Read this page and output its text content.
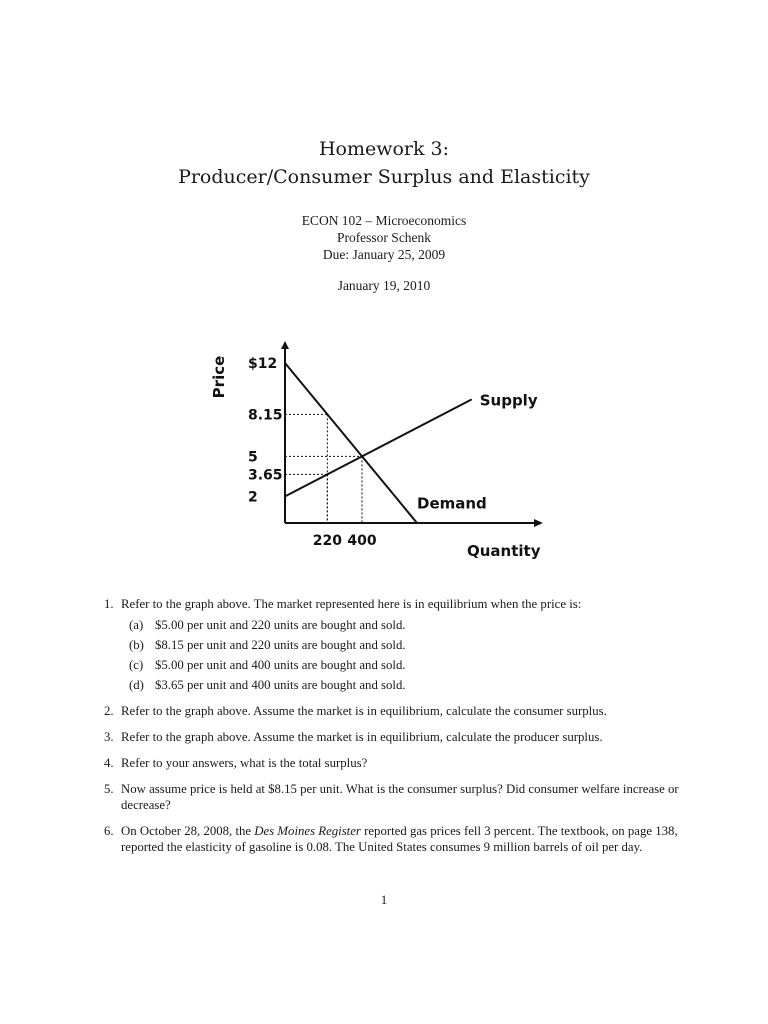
Homework 3:
Producer/Consumer Surplus and Elasticity
ECON 102 – Microeconomics
Professor Schenk
Due: January 25, 2009
January 19, 2010
Supply
Demand
$12
8.15
5
3.65
2
220 400
Quantity
Price
1. Refer to the graph above. The market represented here is in equilibrium when the price is:
(a) $5.00 per unit and 220 units are bought and sold.
(b) $8.15 per unit and 220 units are bought and sold.
(c) $5.00 per unit and 400 units are bought and sold.
(d) $3.65 per unit and 400 units are bought and sold.
2. Refer to the graph above. Assume the market is in equilibrium, calculate the consumer surplus.
3. Refer to the graph above. Assume the market is in equilibrium, calculate the producer surplus.
4. Refer to your answers, what is the total surplus?
5. Now assume price is held at $8.15 per unit. What is the consumer surplus? Did consumer welfare increase or decrease?
6. On October 28, 2008, the Des Moines Register reported gas prices fell 3 percent. The textbook, on page 138, reported the elasticity of gasoline is 0.08. The United States consumes 9 million barrels of oil per day.
1
